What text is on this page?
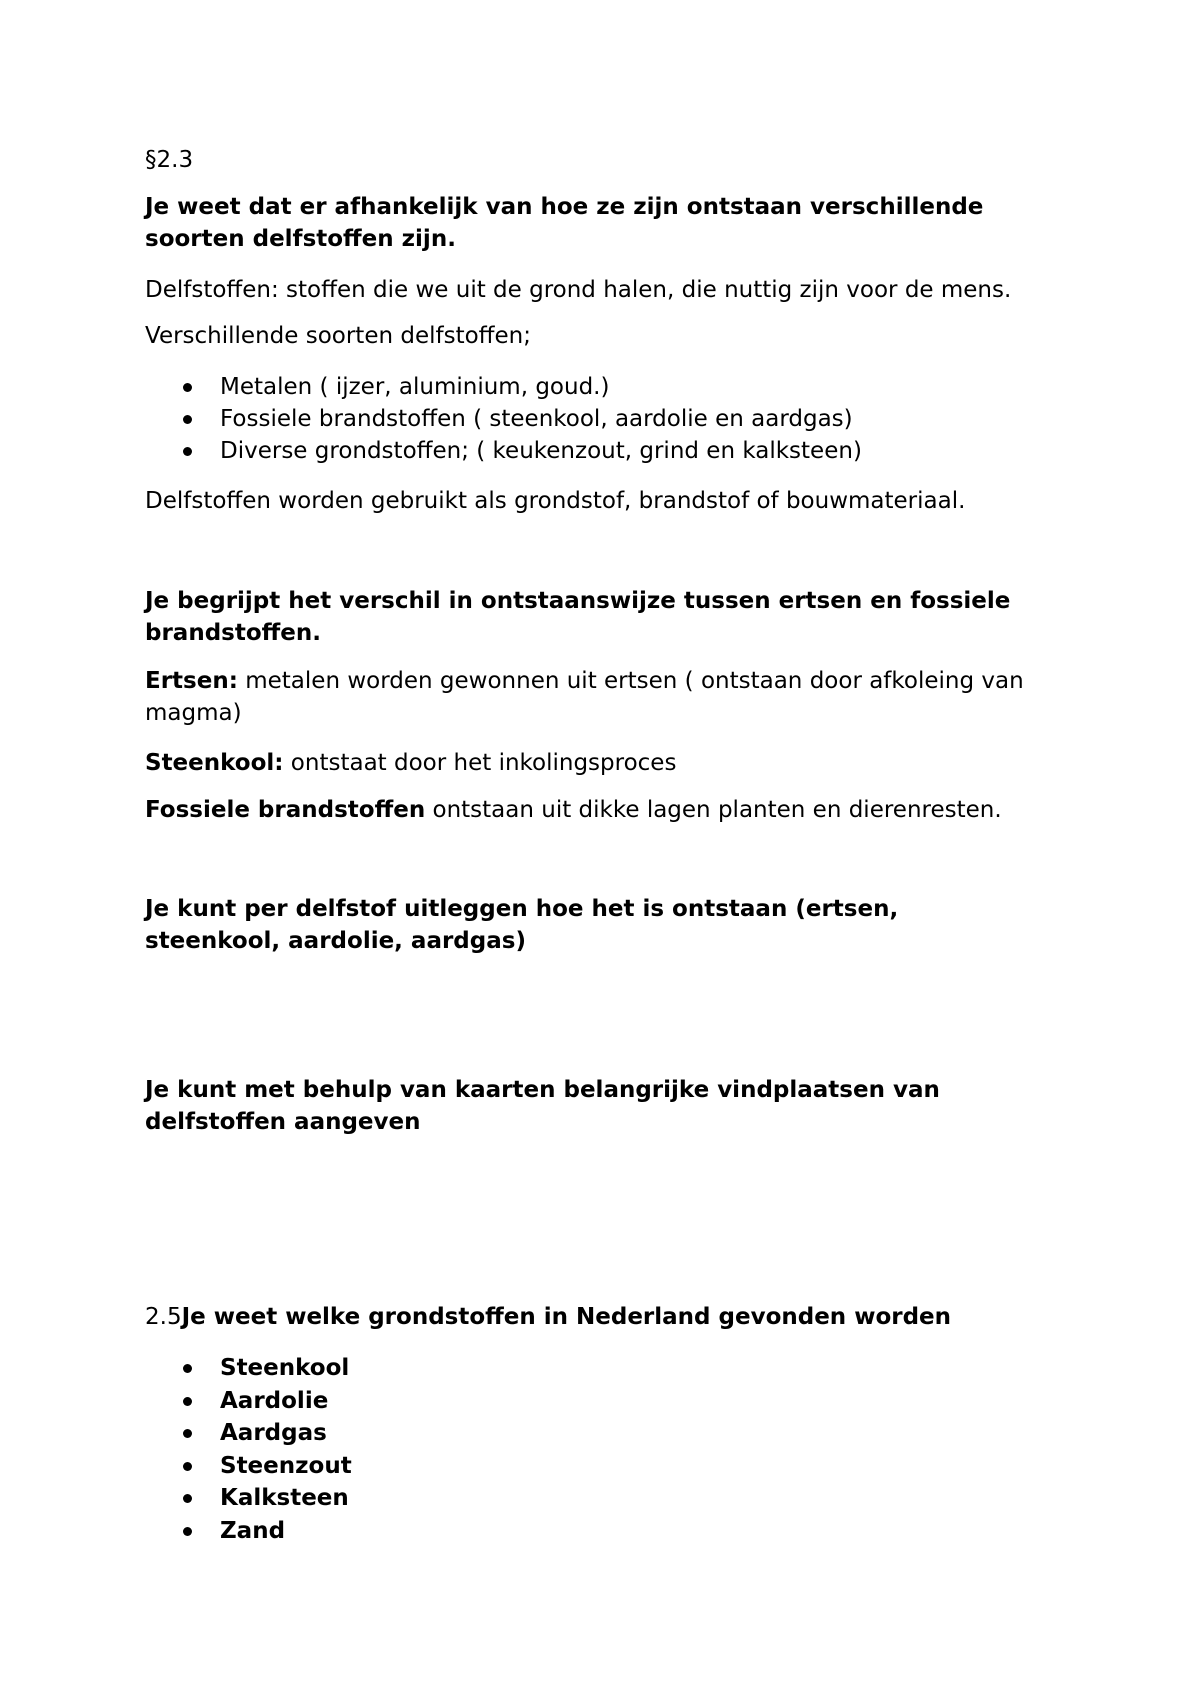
§2.3

Je weet dat er afhankelijk van hoe ze zijn ontstaan verschillende soorten delfstoffen zijn.

Delfstoffen: stoffen die we uit de grond halen, die nuttig zijn voor de mens.

Verschillende soorten delfstoffen;

Metalen ( ijzer, aluminium, goud.)
Fossiele brandstoffen ( steenkool, aardolie en aardgas)
Diverse grondstoffen; ( keukenzout, grind en kalksteen)

Delfstoffen worden gebruikt als grondstof, brandstof of bouwmateriaal.

Je begrijpt het verschil in ontstaanswijze tussen ertsen en fossiele brandstoffen.

Ertsen: metalen worden gewonnen uit ertsen ( ontstaan door afkoleing van magma)

Steenkool: ontstaat door het inkolingsproces

Fossiele brandstoffen ontstaan uit dikke lagen planten en dierenresten.

Je kunt per delfstof uitleggen hoe het is ontstaan (ertsen, steenkool, aardolie, aardgas)

Je kunt met behulp van kaarten belangrijke vindplaatsen van delfstoffen aangeven

2.5Je weet welke grondstoffen in Nederland gevonden worden

Steenkool
Aardolie
Aardgas
Steenzout
Kalksteen
Zand
